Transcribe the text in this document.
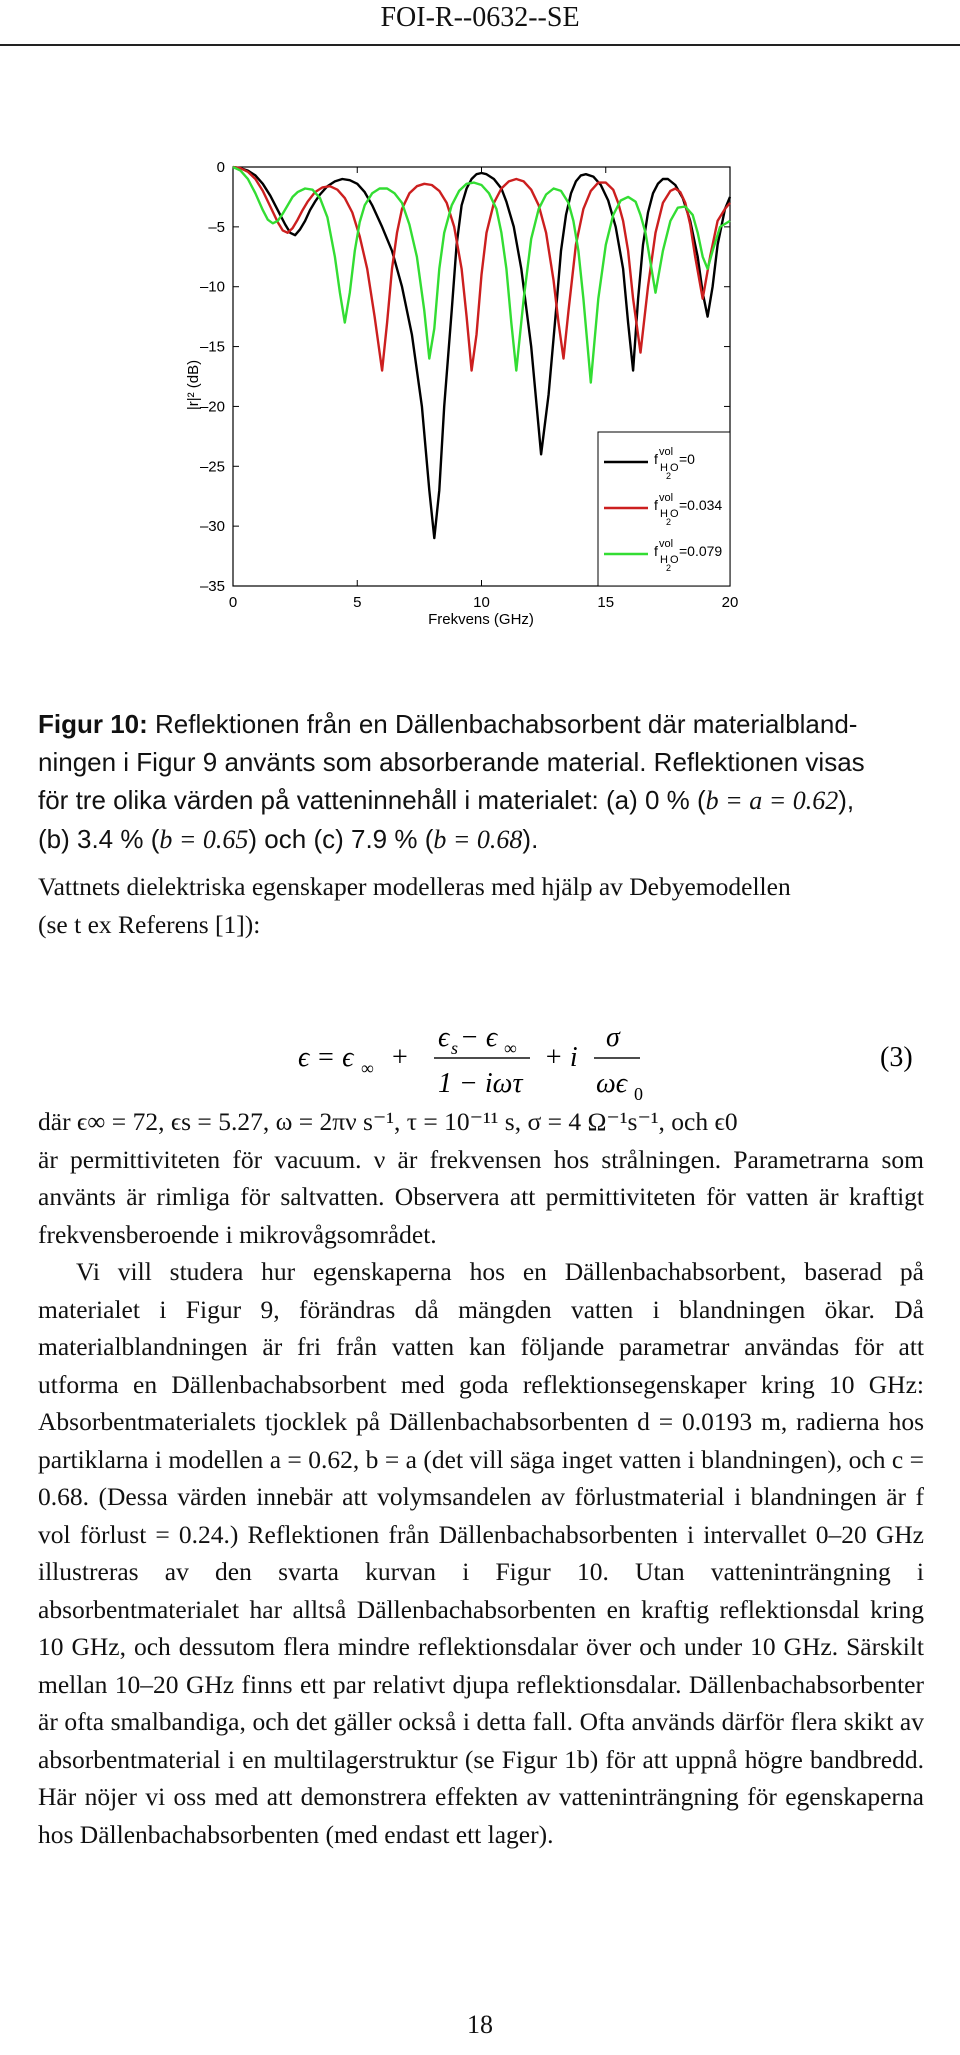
FOI-R--0632--SE
0	5	10	15	20
0
–5
–10
–15
–20
–25
–30
–35
Frekvens (GHz)
|r|² (dB)
f vol
H
2
O
=0
f vol
H
2
O
=0.034
f vol
H
2
O
=0.079
Figur 10: Reflektionen från en Dällenbachabsorbent där materialbland-
ningen i Figur 9 använts som absorberande material. Reflektionen visas
för tre olika värden på vatteninnehåll i materialet: (a) 0 % (b = a = 0.62),
(b) 3.4 % (b = 0.65) och (c) 7.9 % (b = 0.68).

Vattnets dielektriska egenskaper modelleras med hjälp av Debyemodellen

(se t ex Referens [1]):

där ϵ∞ = 72, ϵs = 5.27, ω = 2πν s⁻¹, τ = 10⁻¹¹ s, σ = 4 Ω⁻¹s⁻¹, och ϵ0

är permittiviteten för vacuum. ν är frekvensen hos strålningen. Parametrarna som använts är rimliga för saltvatten. Observera att permittiviteten för vatten är kraftigt frekvensberoende i mikrovågsområdet.

Vi vill studera hur egenskaperna hos en Dällenbachabsorbent, baserad på materialet i Figur 9, förändras då mängden vatten i blandningen ökar. Då materialblandningen är fri från vatten kan följande parametrar användas för att utforma en Dällenbachabsorbent med goda reflektionsegenskaper kring 10 GHz: Absorbentmaterialets tjocklek på Dällenbachabsorbenten d = 0.0193 m, radierna hos partiklarna i modellen a = 0.62, b = a (det vill säga inget vatten i blandningen), och c = 0.68. (Dessa värden innebär att volymsandelen av förlustmaterial i blandningen är f vol förlust = 0.24.) Reflektionen från Dällenbachabsorbenten i intervallet 0–20 GHz illustreras av den svarta kurvan i Figur 10. Utan vatteninträngning i absorbentmaterialet har alltså Dällenbachabsorbenten en kraftig reflektionsdal kring 10 GHz, och dessutom flera mindre reflektionsdalar över och under 10 GHz. Särskilt mellan 10–20 GHz finns ett par relativt djupa reflektionsdalar. Dällenbachabsorbenter är ofta smalbandiga, och det gäller också i detta fall. Ofta används därför flera skikt av absorbentmaterial i en multilagerstruktur (se Figur 1b) för att uppnå högre bandbredd. Här nöjer vi oss med att demonstrera effekten av vatteninträngning för egenskaperna hos Dällenbachabsorbenten (med endast ett lager).

ϵ = ϵ ∞ +
ϵ s − ϵ ∞
1 − iωτ
+ i
σ
ωϵ 0
(3)
18
